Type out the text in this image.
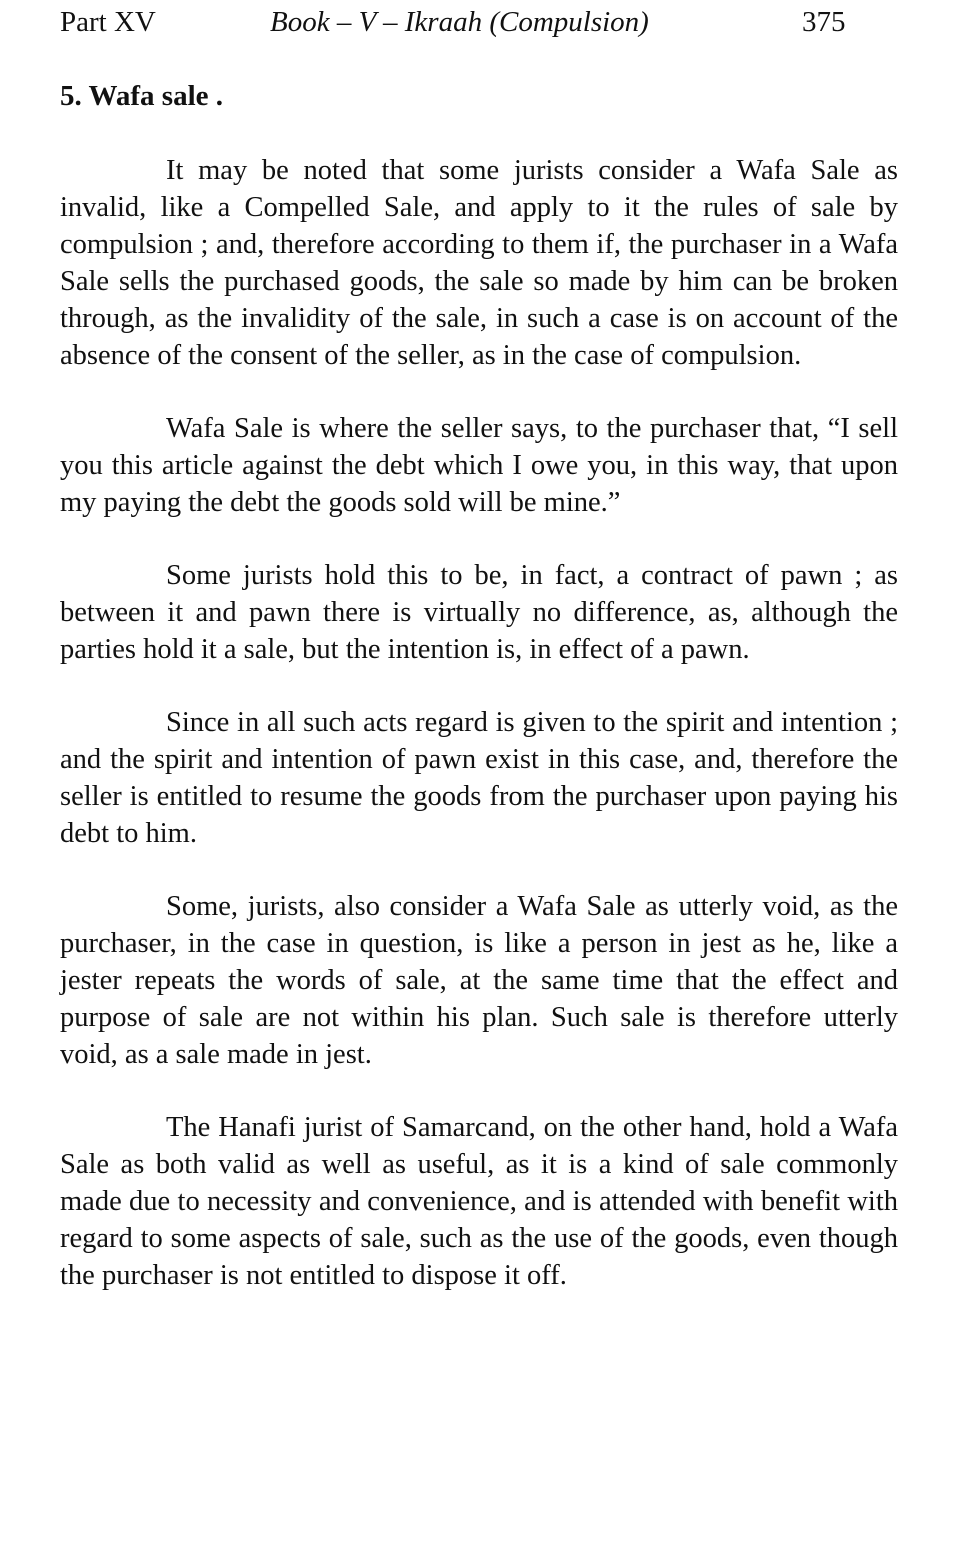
Part XV	Book – V – Ikraah (Compulsion)	375
5. Wafa sale .

It may be noted that some jurists consider a Wafa Sale as invalid, like a Compelled Sale, and apply to it the rules of sale by compulsion ; and, therefore according to them if, the purchaser in a Wafa Sale sells the purchased goods, the sale so made by him can be broken through, as the invalidity of the sale, in such a case is on account of the absence of the consent of the seller, as in the case of compulsion.

Wafa Sale is where the seller says, to the purchaser that, “I sell you this article against the debt which I owe you, in this way, that upon my paying the debt the goods sold will be mine.”

Some jurists hold this to be, in fact, a contract of pawn ; as between it and pawn there is virtually no difference, as, although the parties hold it a sale, but the intention is, in effect of a pawn.

Since in all such acts regard is given to the spirit and intention ; and the spirit and intention of pawn exist in this case, and, therefore the seller is entitled to resume the goods from the purchaser upon paying his debt to him.

Some, jurists, also consider a Wafa Sale as utterly void, as the purchaser, in the case in question, is like a person in jest as he, like a jester repeats the words of sale, at the same time that the effect and purpose of sale are not within his plan. Such sale is therefore utterly void, as a sale made in jest.

The Hanafi jurist of Samarcand, on the other hand, hold a Wafa Sale as both valid as well as useful, as it is a kind of sale commonly made due to necessity and convenience, and is attended with benefit with regard to some aspects of sale, such as the use of the goods, even though the purchaser is not entitled to dispose it off.
